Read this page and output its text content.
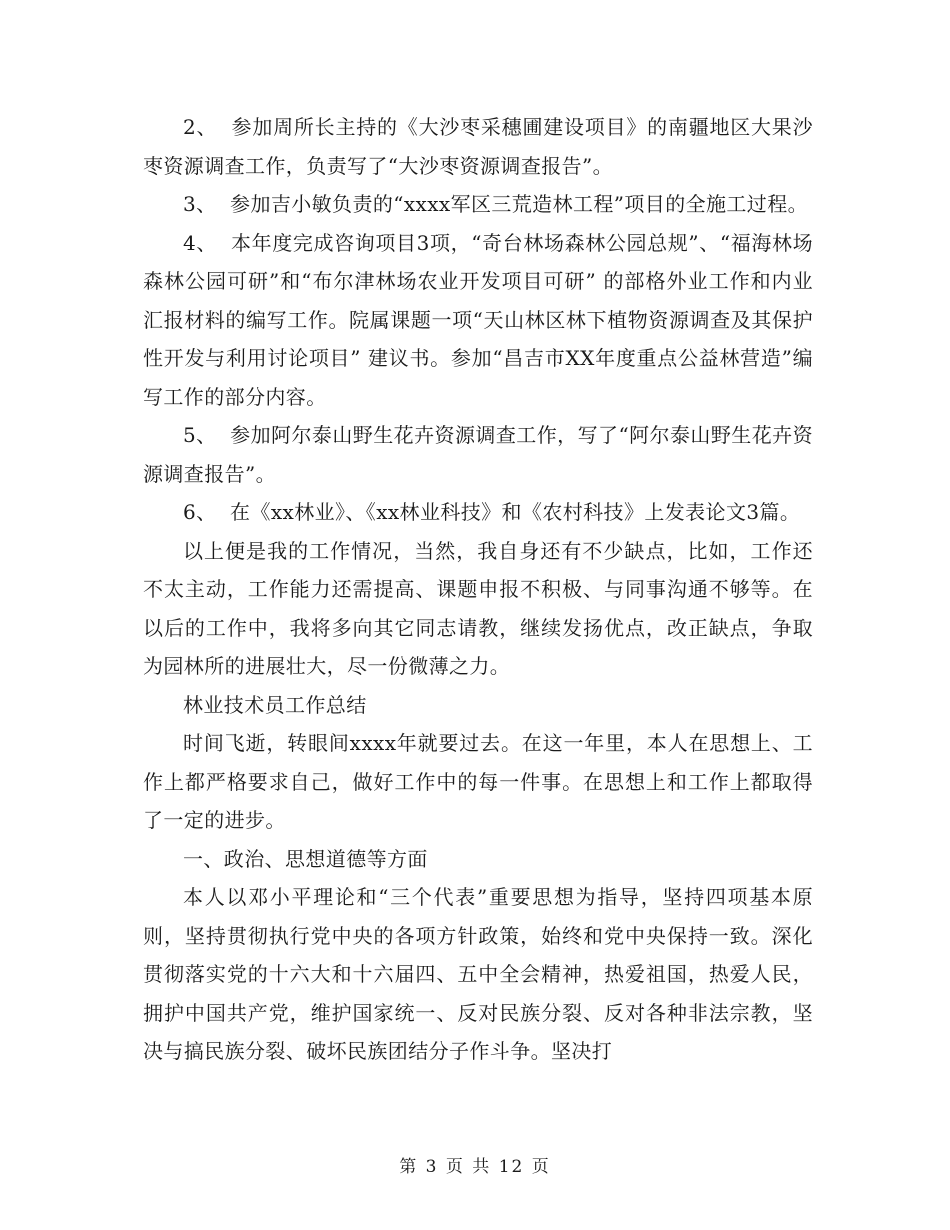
2、  参加周所长主持的《大沙枣采穗圃建设项目》的南疆地区大果沙枣资源调查工作，负责写了“大沙枣资源调查报告”。

3、  参加吉小敏负责的“xxxx军区三荒造林工程”项目的全施工过程。

4、  本年度完成咨询项目3项，“奇台林场森林公园总规”、“福海林场森林公园可研”和“布尔津林场农业开发项目可研” 的部格外业工作和内业汇报材料的编写工作。院属课题一项“天山林区林下植物资源调查及其保护性开发与利用讨论项目” 建议书。参加“昌吉市XX年度重点公益林营造”编写工作的部分内容。

5、  参加阿尔泰山野生花卉资源调查工作，写了“阿尔泰山野生花卉资源调查报告”。

6、  在《xx林业》、《xx林业科技》和《农村科技》上发表论文3篇。

以上便是我的工作情况，当然，我自身还有不少缺点，比如，工作还不太主动，工作能力还需提高、课题申报不积极、与同事沟通不够等。在以后的工作中，我将多向其它同志请教，继续发扬优点，改正缺点，争取为园林所的进展壮大，尽一份微薄之力。

林业技术员工作总结

时间飞逝，转眼间xxxx年就要过去。在这一年里，本人在思想上、工作上都严格要求自己，做好工作中的每一件事。在思想上和工作上都取得了一定的进步。

一、政治、思想道德等方面

本人以邓小平理论和“三个代表”重要思想为指导，坚持四项基本原则，坚持贯彻执行党中央的各项方针政策，始终和党中央保持一致。深化贯彻落实党的十六大和十六届四、五中全会精神，热爱祖国，热爱人民，拥护中国共产党，维护国家统一、反对民族分裂、反对各种非法宗教，坚决与搞民族分裂、破坏民族团结分子作斗争。坚决打

第 3 页 共 12 页
